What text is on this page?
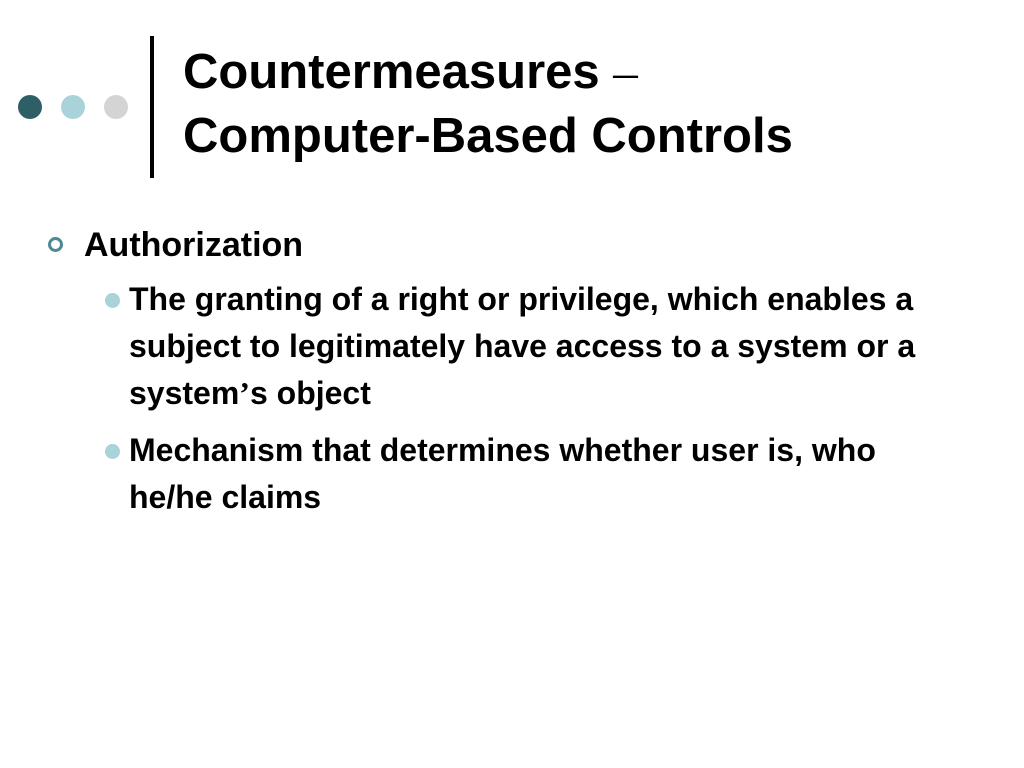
Countermeasures –
Computer-Based Controls
Authorization
The granting of a right or privilege, which enables a subject to legitimately have access to a system or a system’s object
Mechanism that determines whether user is, who he/he claims
